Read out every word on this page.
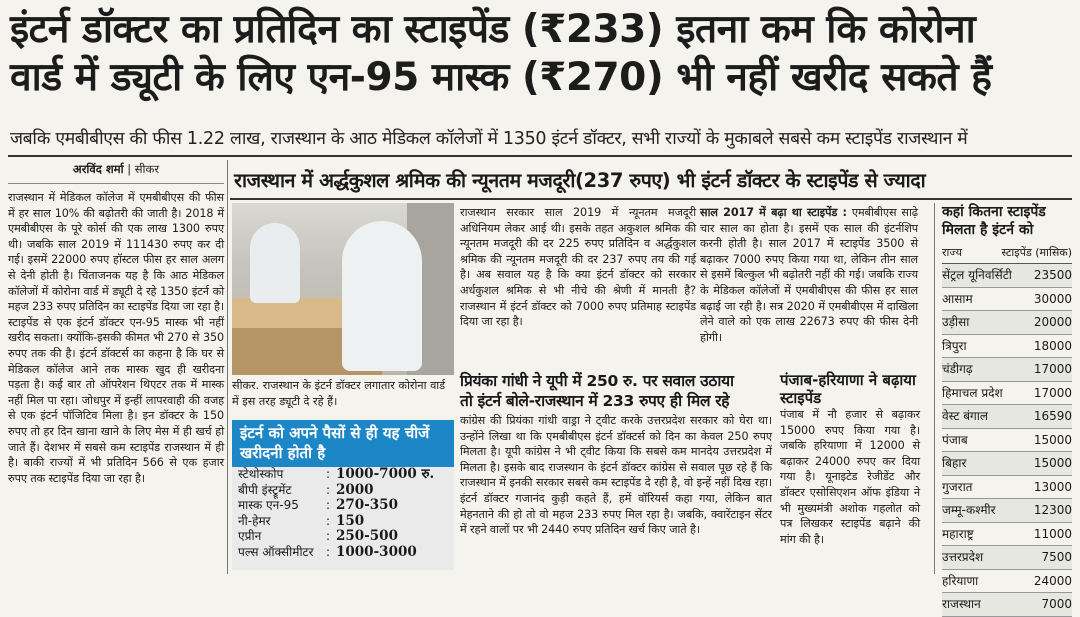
इंटर्न डॉक्टर का प्रतिदिन का स्टाइपेंड (₹233) इतना कम कि कोरोना
वार्ड में ड्यूटी के लिए एन-95 मास्क (₹270) भी नहीं खरीद सकते हैं
जबकि एमबीबीएस की फीस 1.22 लाख, राजस्थान के आठ मेडिकल कॉलेजों में 1350 इंटर्न डॉक्टर, सभी राज्यों के मुकाबले सबसे कम स्टाइपेंड राजस्थान में
अरविंद शर्मा | सीकर
राजस्थान में मेडिकल कॉलेज में एमबीबीएस की फीस में हर साल 10% की बढ़ोतरी की जाती है। 2018 में एमबीबीएस के पूरे कोर्स की एक लाख 1300 रुपए थी। जबकि साल 2019 में 111430 रुपए कर दी गई। इसमें 22000 रुपए हॉस्टल फीस हर साल अलग से देनी होती है। चिंताजनक यह है कि आठ मेडिकल कॉलेजों में कोरोना वार्ड में ड्यूटी दे रहे 1350 इंटर्न को महज 233 रुपए प्रतिदिन का स्टाइपेंड दिया जा रहा है। स्टाइपेंड से एक इंटर्न डॉक्टर एन-95 मास्क भी नहीं खरीद सकता। क्योंकि-इसकी कीमत भी 270 से 350 रुपए तक की है। इंटर्न डॉक्टर्स का कहना है कि घर से मेडिकल कॉलेज आने तक मास्क खुद ही खरीदना पड़ता है। कई बार तो ऑपरेशन थिएटर तक में मास्क नहीं मिल पा रहा। जोधपुर में इन्हीं लापरवाही की वजह से एक इंटर्न पॉजिटिव मिला है। इन डॉक्टर के 150 रुपए तो हर दिन खाना खाने के लिए मेस में ही खर्च हो जाते हैं। देशभर में सबसे कम स्टाइपेंड राजस्थान में ही है। बाकी राज्यों में भी प्रतिदिन 566 से एक हजार रुपए तक स्टाइपेंड दिया जा रहा है।
राजस्थान में अर्द्धकुशल श्रमिक की न्यूनतम मजदूरी(237 रुपए) भी इंटर्न डॉक्टर के स्टाइपेंड से ज्यादा
सीकर. राजस्थान के इंटर्न डॉक्टर लगातार कोरोना वार्ड में इस तरह ड्यूटी दे रहे हैं।
इंटर्न को अपने पैसों से ही यह चीजें खरीदनी होती है
स्टेथोस्कोप	: 1000-7000 रु.
बीपी इंस्ट्रूमेंट	: 2000
मास्क एन-95	: 270-350
नी-हेमर	: 150
एप्रीन	: 250-500
पल्स ऑक्सीमीटर	: 1000-3000
राजस्थान सरकार साल 2019 में न्यूनतम मजदूरी अधिनियम लेकर आई थी। इसके तहत अकुशल श्रमिक की न्यूनतम मजदूरी की दर 225 रुपए प्रतिदिन व अर्द्धकुशल श्रमिक की न्यूनतम मजदूरी की दर 237 रुपए तय की गई है। अब सवाल यह है कि क्या इंटर्न डॉक्टर को सरकार अर्धकुशल श्रमिक से भी नीचे की श्रेणी में मानती है? राजस्थान में इंटर्न डॉक्टर को 7000 रुपए प्रतिमाह स्टाइपेंड दिया जा रहा है।
साल 2017 में बढ़ा था स्टाइपेंड : एमबीबीएस साढ़े चार साल का होता है। इसमें एक साल की इंटर्नशिप करनी होती है। साल 2017 में स्टाइपेंड 3500 से बढ़ाकर 7000 रुपए किया गया था, लेकिन तीन साल से इसमें बिल्कुल भी बढ़ोतरी नहीं की गई। जबकि राज्य के मेडिकल कॉलेजों में एमबीबीएस की फीस हर साल बढ़ाई जा रही है। सत्र 2020 में एमबीबीएस में दाखिला लेने वाले को एक लाख 22673 रुपए की फीस देनी होगी।
प्रियंका गांधी ने यूपी में 250 रु. पर सवाल उठाया
तो इंटर्न बोले-राजस्थान में 233 रुपए ही मिल रहे
कांग्रेस की प्रियंका गांधी वाड्रा ने ट्वीट करके उत्तरप्रदेश सरकार को घेरा था। उन्होंने लिखा था कि एमबीबीएस इंटर्न डॉक्टर्स को दिन का केवल 250 रुपए मिलता है। यूपी कांग्रेस ने भी ट्वीट किया कि सबसे कम मानदेय उत्तरप्रदेश में मिलता है। इसके बाद राजस्थान के इंटर्न डॉक्टर कांग्रेस से सवाल पूछ रहे हैं कि राजस्थान में इनकी सरकार सबसे कम स्टाइपेंड दे रही है, वो इन्हें नहीं दिख रहा। इंटर्न डॉक्टर गजानंद कुड़ी कहते हैं, हमें वॉरियर्स कहा गया, लेकिन बात मेहनताने की हो तो वो महज 233 रुपए मिल रहा है। जबकि, क्वारेंटाइन सेंटर में रहने वालों पर भी 2440 रुपए प्रतिदिन खर्च किए जाते है।
पंजाब-हरियाणा ने बढ़ाया स्टाइपेंड
पंजाब में नौ हजार से बढ़ाकर 15000 रुपए किया गया है। जबकि हरियाणा में 12000 से बढ़ाकर 24000 रुपए कर दिया गया है। यूनाइटेड रेजीडेंट और डॉक्टर एसोसिएशन ऑफ इंडिया ने भी मुख्यमंत्री अशोक गहलोत को पत्र लिखकर स्टाइपेंड बढ़ाने की मांग की है।
कहां कितना स्टाइपेंड मिलता है इंटर्न को
राज्य	स्टाइपेंड (मासिक)
सेंट्रल यूनिवर्सिटी 23500
आसाम	30000
उड़ीसा	20000
त्रिपुरा	18000
चंडीगढ़	17000
हिमाचल प्रदेश	17000
वेस्ट बंगाल	16590
पंजाब	15000
बिहार	15000
गुजरात	13000
जम्मू-कश्मीर	12300
महाराष्ट्र	11000
उत्तरप्रदेश	7500
हरियाणा	24000
राजस्थान	7000
